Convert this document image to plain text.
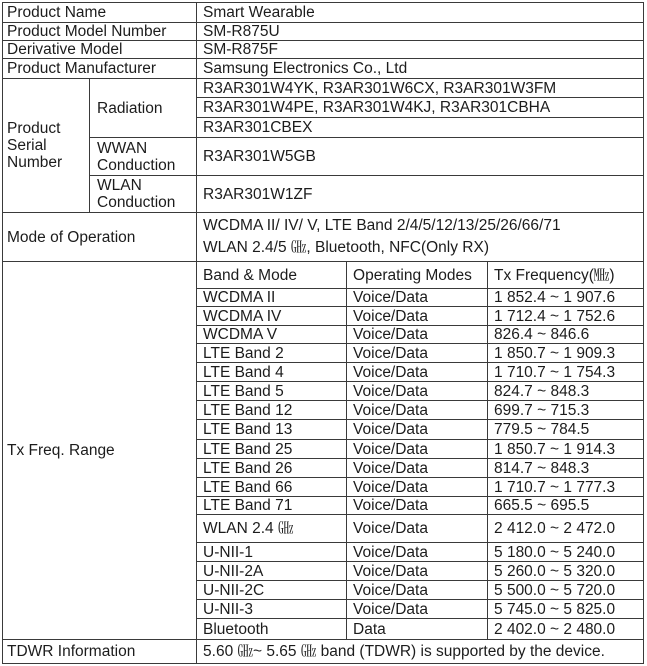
Product Name		Smart Wearable		
Product Model Number		SM-R875U		
Derivative Model		SM-R875F		
Product Manufacturer		Samsung Electronics Co., Ltd		
Product Serial Number	Radiation	R3AR301W4YK, R3AR301W6CX, R3AR301W3FM		
		R3AR301W4PE, R3AR301W4KJ, R3AR301CBHA		
		R3AR301CBEX		
	WWAN Conduction	R3AR301W5GB		
	WLAN Conduction	R3AR301W1ZF		
Mode of Operation		WCDMA II/ IV/ V, LTE Band 2/4/5/12/13/25/26/66/71
WLAN 2.4/5 ㎓, Bluetooth, NFC(Only RX)		

Tx Freq. Range		Band & Mode	Operating Modes	Tx Frequency(㎒)
		WCDMA II	Voice/Data	1 852.4 ~ 1 907.6
		WCDMA IV	Voice/Data	1 712.4 ~ 1 752.6
		WCDMA V	Voice/Data	826.4 ~ 846.6
		LTE Band 2	Voice/Data	1 850.7 ~ 1 909.3
		LTE Band 4	Voice/Data	1 710.7 ~ 1 754.3
		LTE Band 5	Voice/Data	824.7 ~ 848.3
		LTE Band 12	Voice/Data	699.7 ~ 715.3
		LTE Band 13	Voice/Data	779.5 ~ 784.5
		LTE Band 25	Voice/Data	1 850.7 ~ 1 914.3
		LTE Band 26	Voice/Data	814.7 ~ 848.3
		LTE Band 66	Voice/Data	1 710.7 ~ 1 777.3
		LTE Band 71	Voice/Data	665.5 ~ 695.5
		WLAN 2.4 ㎓	Voice/Data	2 412.0 ~ 2 472.0
		U-NII-1	Voice/Data	5 180.0 ~ 5 240.0
		U-NII-2A	Voice/Data	5 260.0 ~ 5 320.0
		U-NII-2C	Voice/Data	5 500.0 ~ 5 720.0
		U-NII-3	Voice/Data	5 745.0 ~ 5 825.0
		Bluetooth	Data	2 402.0 ~ 2 480.0
TDWR Information		5.60 ㎓~ 5.65 ㎓ band (TDWR) is supported by the device.		
